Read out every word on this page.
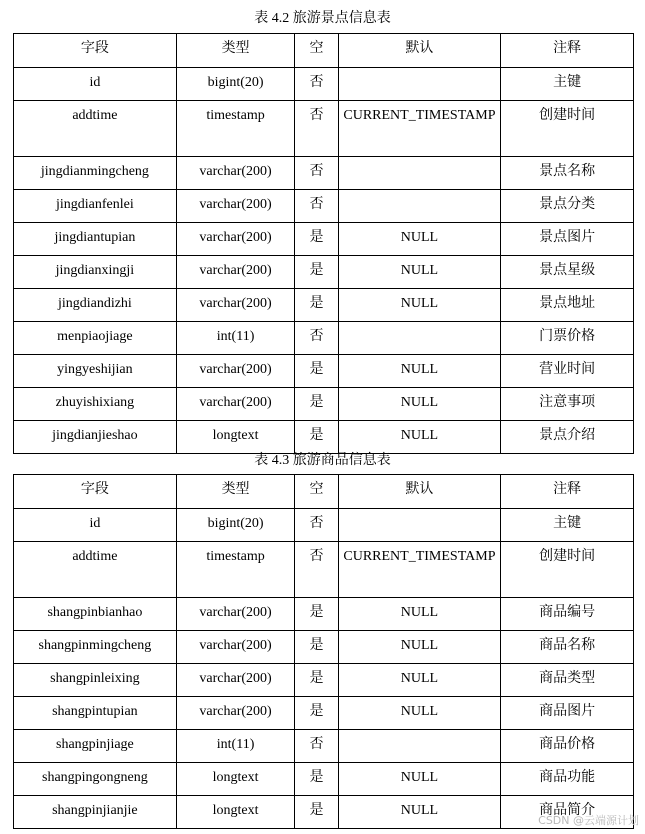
表 4.2 旅游景点信息表
字段	类型	空	默认	注释
id	bigint(20)	否		主键
addtime	timestamp	否	CURRENT_TIMESTAMP	创建时间
jingdianmingcheng	varchar(200)	否		景点名称
jingdianfenlei	varchar(200)	否		景点分类
jingdiantupian	varchar(200)	是	NULL	景点图片
jingdianxingji	varchar(200)	是	NULL	景点星级
jingdiandizhi	varchar(200)	是	NULL	景点地址
menpiaojiage	int(11)	否		门票价格
yingyeshijian	varchar(200)	是	NULL	营业时间
zhuyishixiang	varchar(200)	是	NULL	注意事项
jingdianjieshao	longtext	是	NULL	景点介绍
表 4.3 旅游商品信息表
字段	类型	空	默认	注释
id	bigint(20)	否		主键
addtime	timestamp	否	CURRENT_TIMESTAMP	创建时间
shangpinbianhao	varchar(200)	是	NULL	商品编号
shangpinmingcheng	varchar(200)	是	NULL	商品名称
shangpinleixing	varchar(200)	是	NULL	商品类型
shangpintupian	varchar(200)	是	NULL	商品图片
shangpinjiage	int(11)	否		商品价格
shangpingongneng	longtext	是	NULL	商品功能
shangpinjianjie	longtext	是	NULL	商品简介
CSDN @云端源计划
